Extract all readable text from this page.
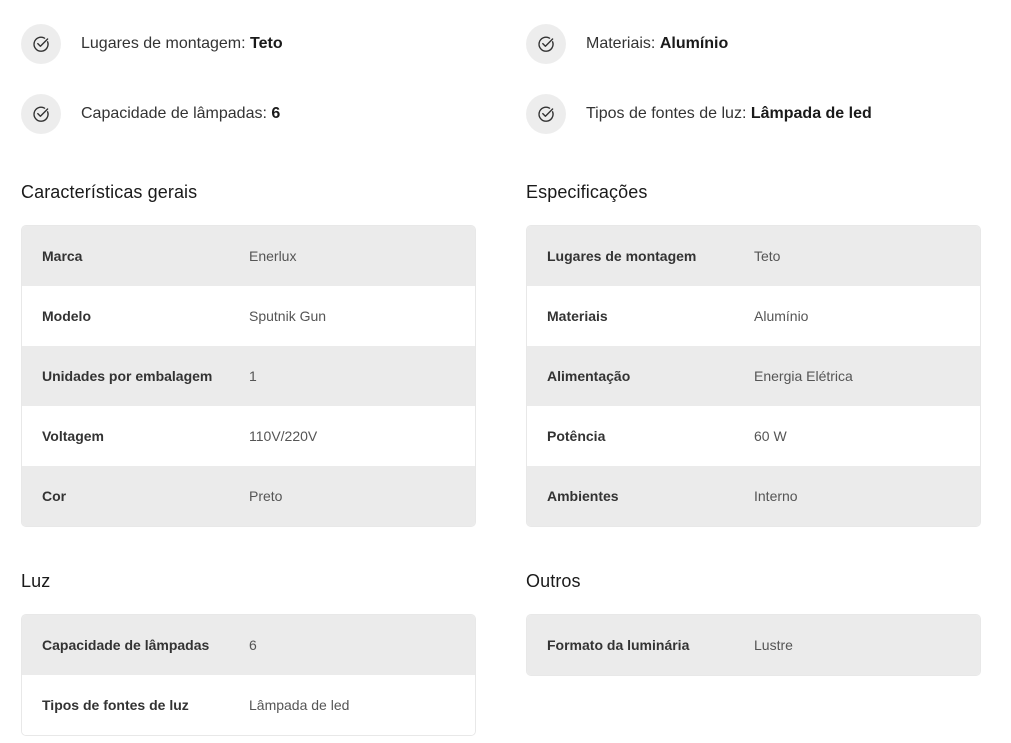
Lugares de montagem: Teto
Capacidade de lâmpadas: 6
Características gerais
Marca	Enerlux
Modelo	Sputnik Gun
Unidades por embalagem	1
Voltagem	110V/220V
Cor	Preto
Luz
Capacidade de lâmpadas	6
Tipos de fontes de luz	Lâmpada de led
Materiais: Alumínio
Tipos de fontes de luz: Lâmpada de led
Especificações
Lugares de montagem	Teto
Materiais	Alumínio
Alimentação	Energia Elétrica
Potência	60 W
Ambientes	Interno
Outros
Formato da luminária	Lustre
